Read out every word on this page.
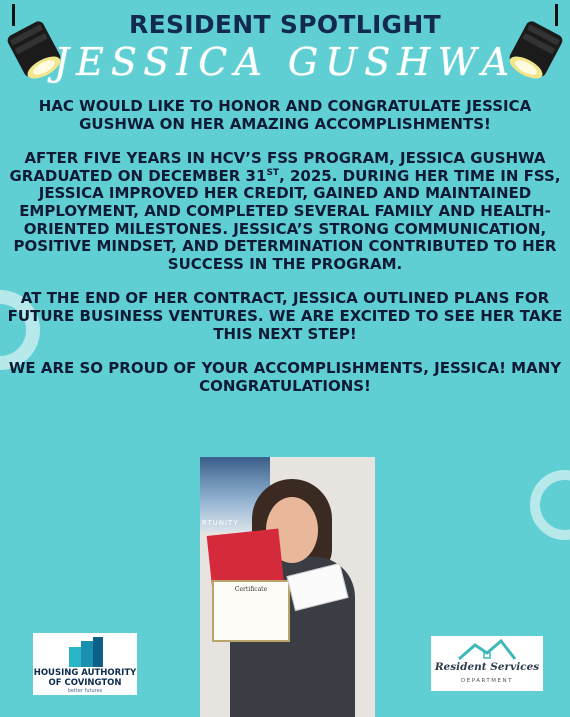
RESIDENT SPOTLIGHT
JESSICA GUSHWA

HAC WOULD LIKE TO HONOR AND CONGRATULATE JESSICA GUSHWA ON HER AMAZING ACCOMPLISHMENTS!

AFTER FIVE YEARS IN HCV’S FSS PROGRAM, JESSICA GUSHWA GRADUATED ON DECEMBER 31ST, 2025. DURING HER TIME IN FSS, JESSICA IMPROVED HER CREDIT, GAINED AND MAINTAINED EMPLOYMENT, AND COMPLETED SEVERAL FAMILY AND HEALTH-ORIENTED MILESTONES. JESSICA’S STRONG COMMUNICATION, POSITIVE MINDSET, AND DETERMINATION CONTRIBUTED TO HER SUCCESS IN THE PROGRAM.

AT THE END OF HER CONTRACT, JESSICA OUTLINED PLANS FOR FUTURE BUSINESS VENTURES. WE ARE EXCITED TO SEE HER TAKE THIS NEXT STEP!

WE ARE SO PROUD OF YOUR ACCOMPLISHMENTS, JESSICA! MANY CONGRATULATIONS!

RTUNITY
Certificate
HOUSING AUTHORITY
OF COVINGTON
better futures
Resident Services
DEPARTMENT
